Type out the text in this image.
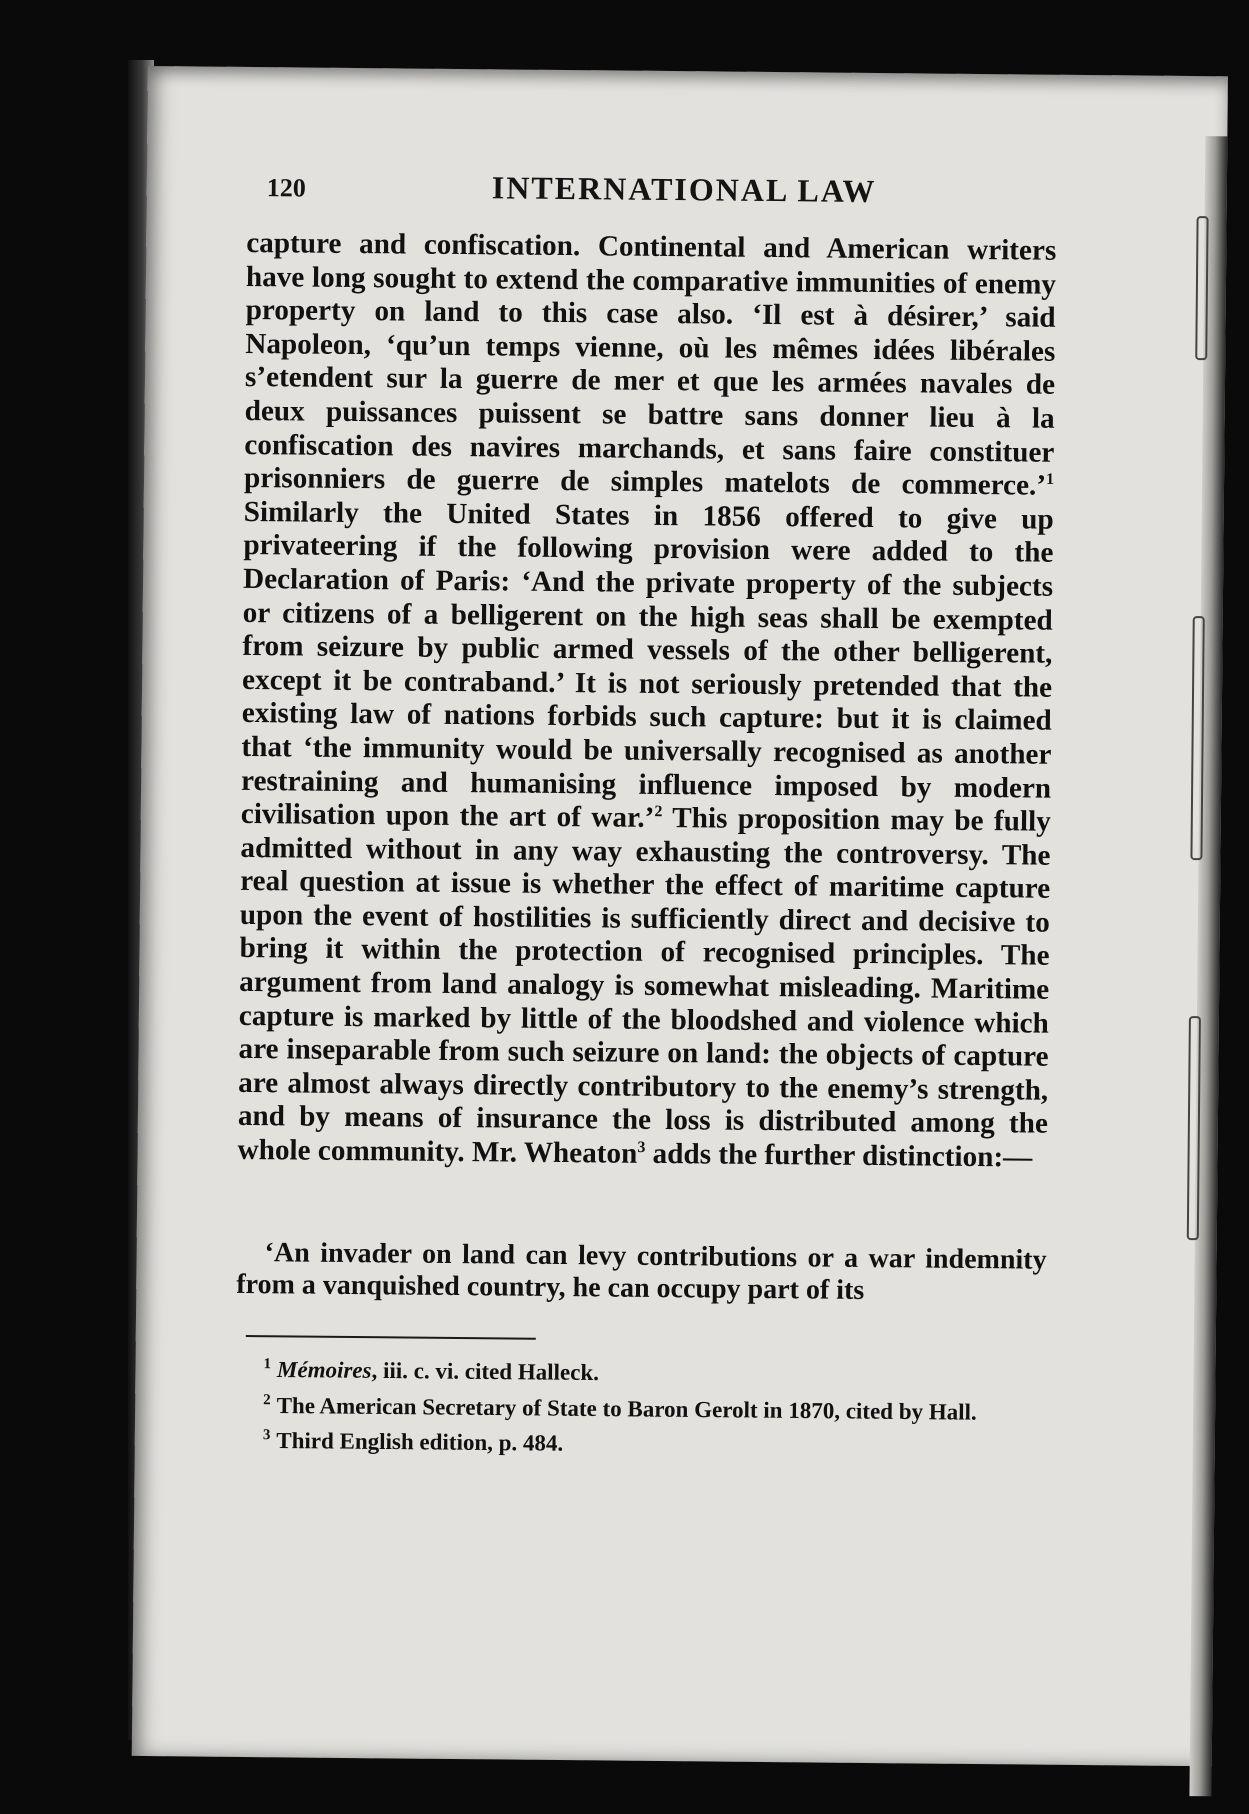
120	INTERNATIONAL LAW

capture and confiscation. Continental and American writers have long sought to extend the comparative immunities of enemy property on land to this case also. ‘Il est à désirer,’ said Napoleon, ‘qu’un temps vienne, où les mêmes idées libérales s’etendent sur la guerre de mer et que les armées navales de deux puissances puissent se battre sans donner lieu à la confiscation des navires marchands, et sans faire constituer prisonniers de guerre de simples matelots de commerce.’$^1$ Similarly the United States in 1856 offered to give up privateering if the following provision were added to the Declaration of Paris: ‘And the private property of the subjects or citizens of a belligerent on the high seas shall be exempted from seizure by public armed vessels of the other belligerent, except it be contraband.’ It is not seriously pretended that the existing law of nations forbids such capture: but it is claimed that ‘the immunity would be universally recognised as another restraining and humanising influence imposed by modern civilisation upon the art of war.’$^2$ This proposition may be fully admitted without in any way exhausting the controversy. The real question at issue is whether the effect of maritime capture upon the event of hostilities is sufficiently direct and decisive to bring it within the protection of recognised principles. The argument from land analogy is somewhat misleading. Maritime capture is marked by little of the bloodshed and violence which are inseparable from such seizure on land: the objects of capture are almost always directly contributory to the enemy’s strength, and by means of insurance the loss is distributed among the whole community. Mr. Wheaton$^3$ adds the further distinction:—

‘An invader on land can levy contributions or a war indemnity from a vanquished country, he can occupy part of its

$^1$ Mémoires, iii. c. vi. cited Halleck.

$^2$ The American Secretary of State to Baron Gerolt in 1870, cited by Hall.

$^3$ Third English edition, p. 484.
